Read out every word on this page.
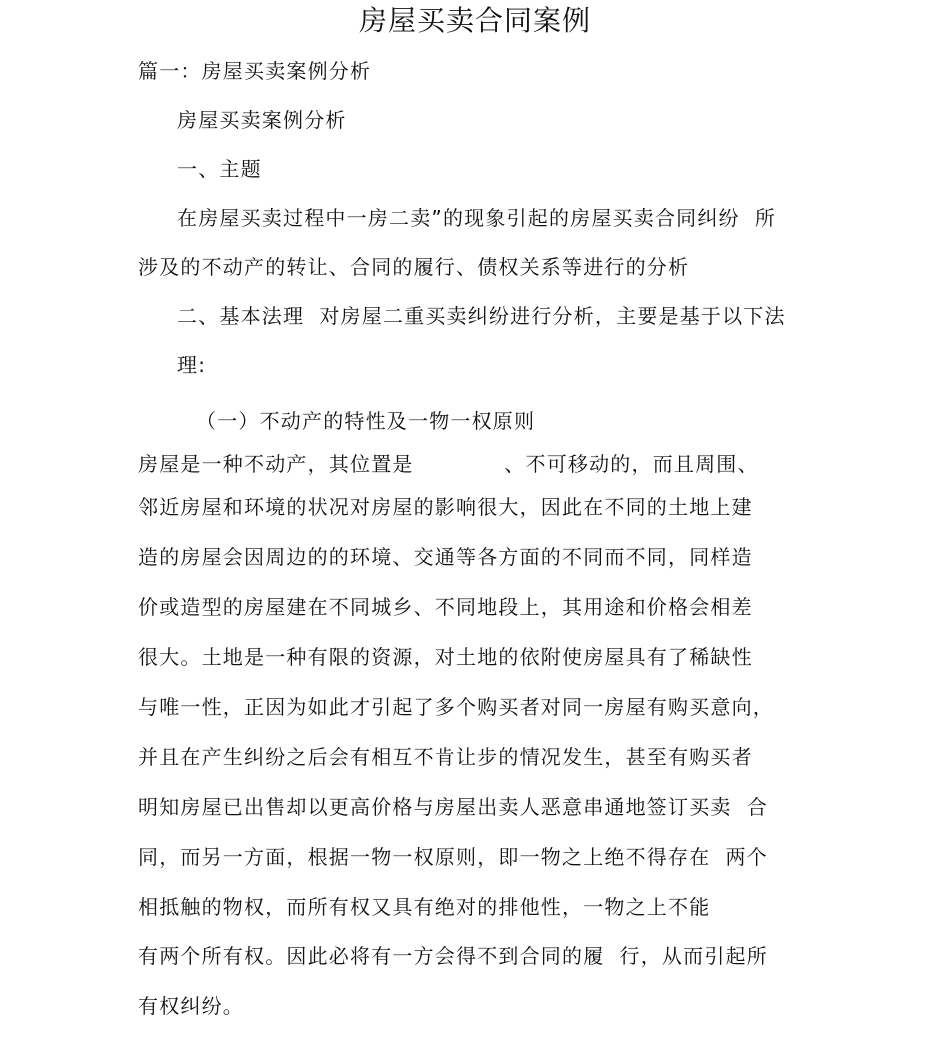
房屋买卖合同案例
篇一：房屋买卖案例分析
房屋买卖案例分析
一、主题
在房屋买卖过程中一房二卖”的现象引起的房屋买卖合同纠纷  所
涉及的不动产的转让、合同的履行、债权关系等进行的分析
二、基本法理  对房屋二重买卖纠纷进行分析，主要是基于以下法
理:
（一）不动产的特性及一物一权原则
房屋是一种不动产，其位置是            、不可移动的，而且周围、
邻近房屋和环境的状况对房屋的影响很大，因此在不同的土地上建
造的房屋会因周边的的环境、交通等各方面的不同而不同，同样造
价或造型的房屋建在不同城乡、不同地段上，其用途和价格会相差
很大。土地是一种有限的资源，对土地的依附使房屋具有了稀缺性
与唯一性，正因为如此才引起了多个购买者对同一房屋有购买意向，
并且在产生纠纷之后会有相互不肯让步的情况发生，甚至有购买者
明知房屋已出售却以更高价格与房屋出卖人恶意串通地签订买卖  合
同，而另一方面，根据一物一权原则，即一物之上绝不得存在  两个
相抵触的物权，而所有权又具有绝对的排他性，一物之上不能
有两个所有权。因此必将有一方会得不到合同的履  行，从而引起所
有权纠纷。
